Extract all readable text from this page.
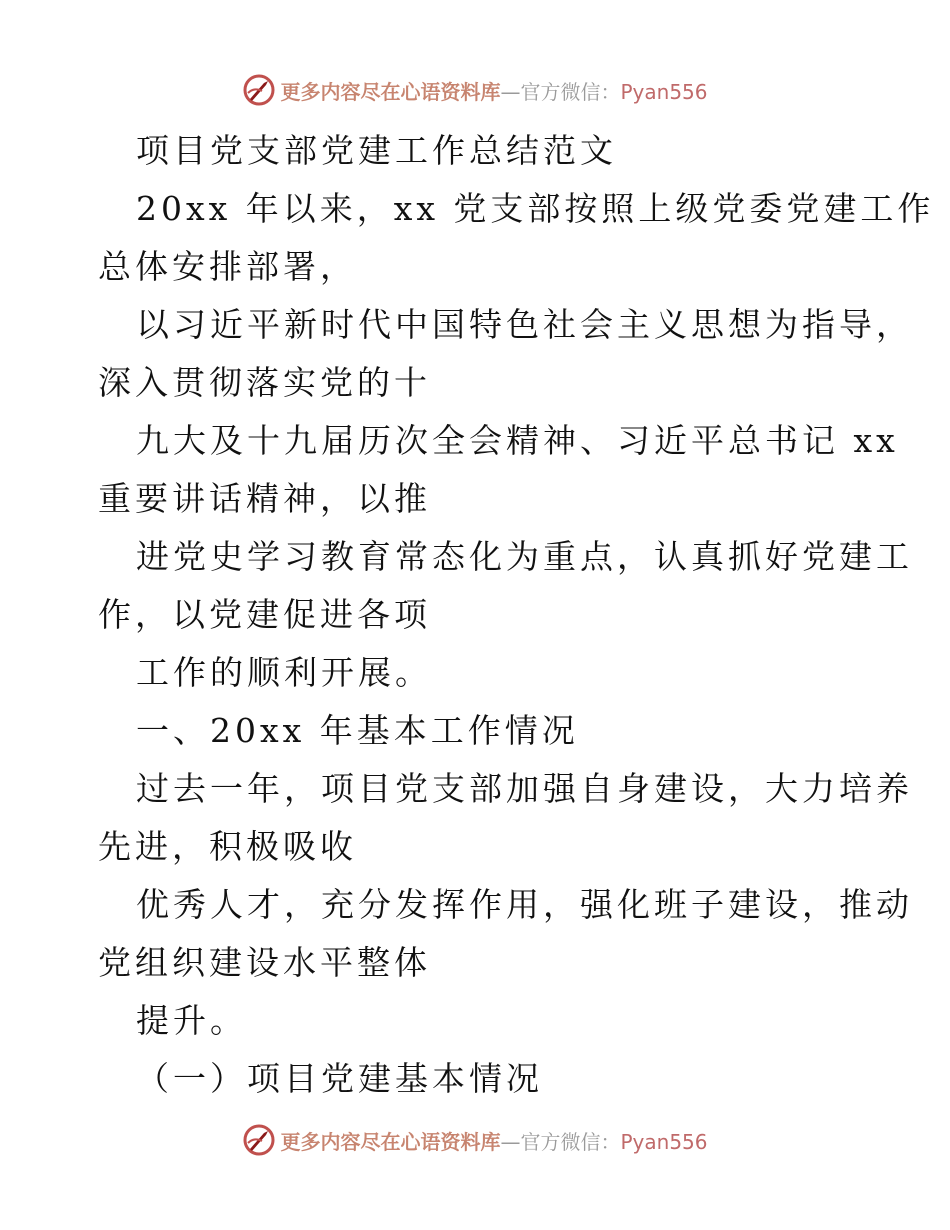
更多内容尽在心语资料库—官方微信：Pyan556
项目党支部党建工作总结范文
20xx 年以来，xx 党支部按照上级党委党建工作
总体安排部署，
以习近平新时代中国特色社会主义思想为指导，
深入贯彻落实党的十
九大及十九届历次全会精神、习近平总书记 xx
重要讲话精神，以推
进党史学习教育常态化为重点，认真抓好党建工
作，以党建促进各项
工作的顺利开展。
一、20xx 年基本工作情况
过去一年，项目党支部加强自身建设，大力培养
先进，积极吸收
优秀人才，充分发挥作用，强化班子建设，推动
党组织建设水平整体
提升。
（一）项目党建基本情况
更多内容尽在心语资料库—官方微信：Pyan556
